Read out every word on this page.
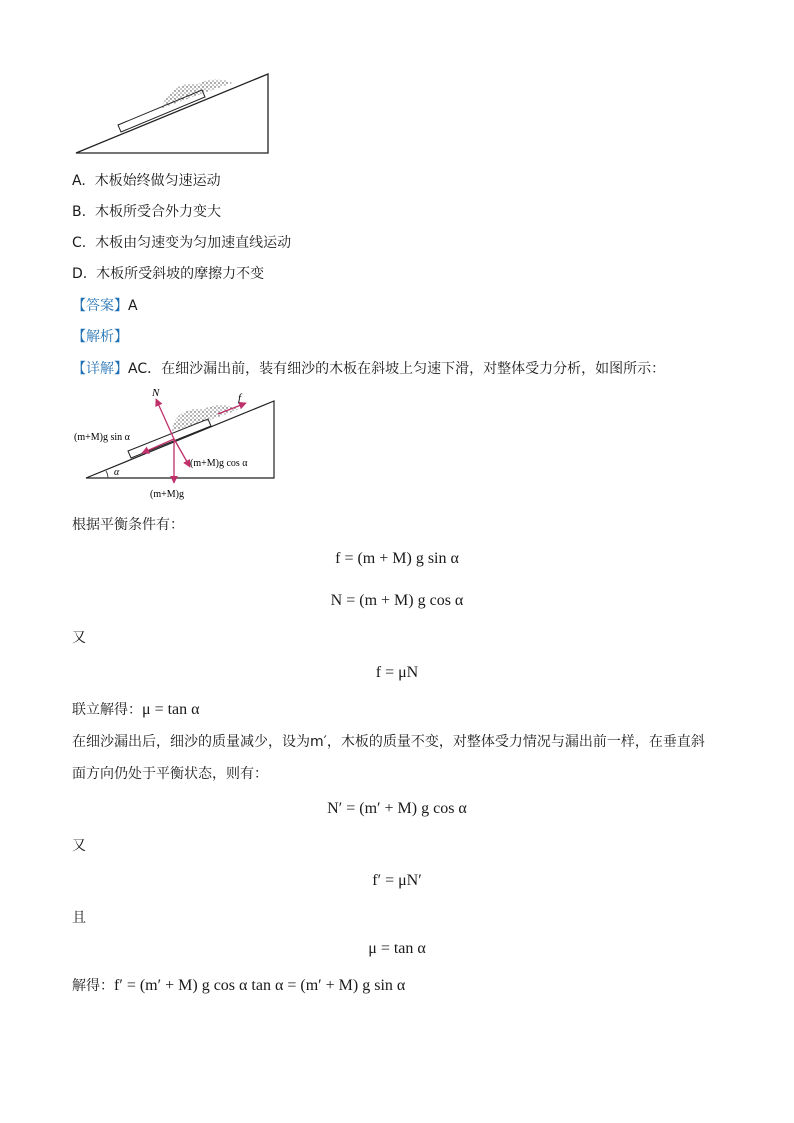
A. 木板始终做匀速运动
B. 木板所受合外力变大
C. 木板由匀速变为匀加速直线运动
D. 木板所受斜坡的摩擦力不变
【答案】A
【解析】
【详解】AC．在细沙漏出前，装有细沙的木板在斜坡上匀速下滑，对整体受力分析，如图所示：
N	f
(m+M)g sin α
(m+M)g cos α
(m+M)g
α
根据平衡条件有：
f = (m + M) g sin α
N = (m + M) g cos α
又
f = μN
联立解得：μ = tan α
在细沙漏出后，细沙的质量减少，设为m′，木板的质量不变，对整体受力情况与漏出前一样，在垂直斜
面方向仍处于平衡状态，则有：
N′ = (m′ + M) g cos α
又
f′ = μN′
且
μ = tan α
解得：f′ = (m′ + M) g cos α tan α = (m′ + M) g sin α
